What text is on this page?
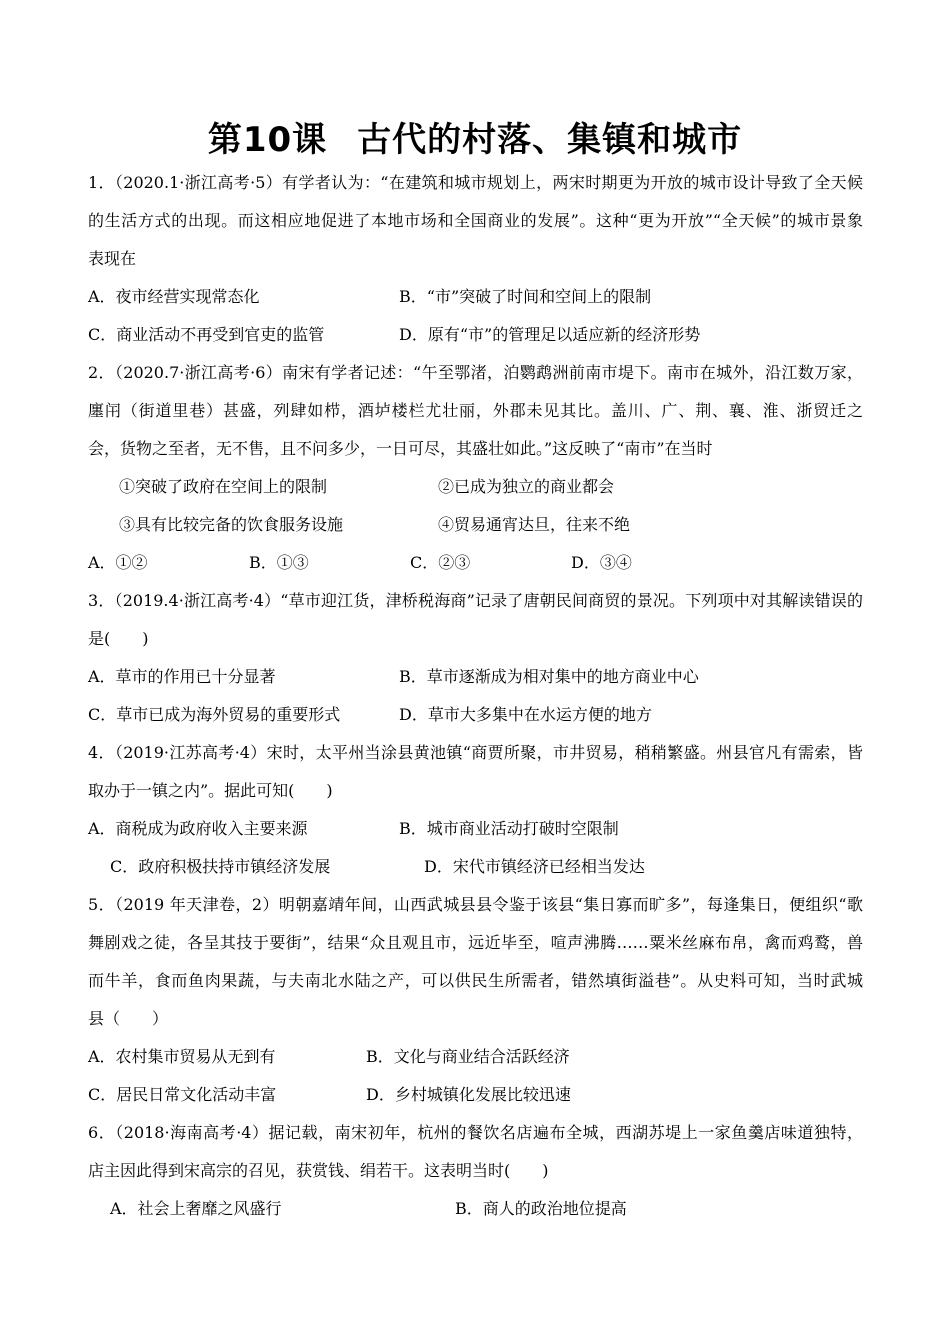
第10课 古代的村落、集镇和城市
1．（2020.1·浙江高考·5）有学者认为：“在建筑和城市规划上，两宋时期更为开放的城市设计导致了全天候
的生活方式的出现。而这相应地促进了本地市场和全国商业的发展”。这种“更为开放”“全天候”的城市景象
表现在
A．夜市经营实现常态化	B．“市”突破了时间和空间上的限制
C．商业活动不再受到官吏的监管	D．原有“市”的管理足以适应新的经济形势
2．（2020.7·浙江高考·6）南宋有学者记述：“午至鄂渚，泊鹦鹉洲前南市堤下。南市在城外，沿江数万家，
廛闬（街道里巷）甚盛，列肆如栉，酒垆楼栏尤壮丽，外郡未见其比。盖川、广、荆、襄、淮、浙贸迁之
会，货物之至者，无不售，且不问多少，一日可尽，其盛壮如此。”这反映了“南市”在当时
①突破了政府在空间上的限制	②已成为独立的商业都会
③具有比较完备的饮食服务设施	④贸易通宵达旦，往来不绝
A．①②	B．①③	C．②③	D．③④
3．（2019.4·浙江高考·4）“草市迎江货，津桥税海商”记录了唐朝民间商贸的景况。下列项中对其解读错误的
是(　　)
A．草市的作用已十分显著	B．草市逐渐成为相对集中的地方商业中心
C．草市已成为海外贸易的重要形式	D．草市大多集中在水运方便的地方
4．（2019·江苏高考·4）宋时，太平州当涂县黄池镇“商贾所聚，市井贸易，稍稍繁盛。州县官凡有需索，皆
取办于一镇之内”。据此可知(　　)
A．商税成为政府收入主要来源	B．城市商业活动打破时空限制
C．政府积极扶持市镇经济发展	D．宋代市镇经济已经相当发达
5．（2019 年天津卷，2）明朝嘉靖年间，山西武城县县令鉴于该县“集日寡而旷多”，每逢集日，便组织“歌
舞剧戏之徒，各呈其技于要街”，结果“众且观且市，远近毕至，喧声沸腾……粟米丝麻布帛，禽而鸡鹜，兽
而牛羊，食而鱼肉果蔬，与夫南北水陆之产，可以供民生所需者，错然填街溢巷”。从史料可知，当时武城
县（　　）
A．农村集市贸易从无到有	B．文化与商业结合活跃经济
C．居民日常文化活动丰富	D．乡村城镇化发展比较迅速
6．（2018·海南高考·4）据记载，南宋初年，杭州的餐饮名店遍布全城，西湖苏堤上一家鱼羹店味道独特，
店主因此得到宋高宗的召见，获赏钱、绢若干。这表明当时(　　)
A．社会上奢靡之风盛行	B．商人的政治地位提高
